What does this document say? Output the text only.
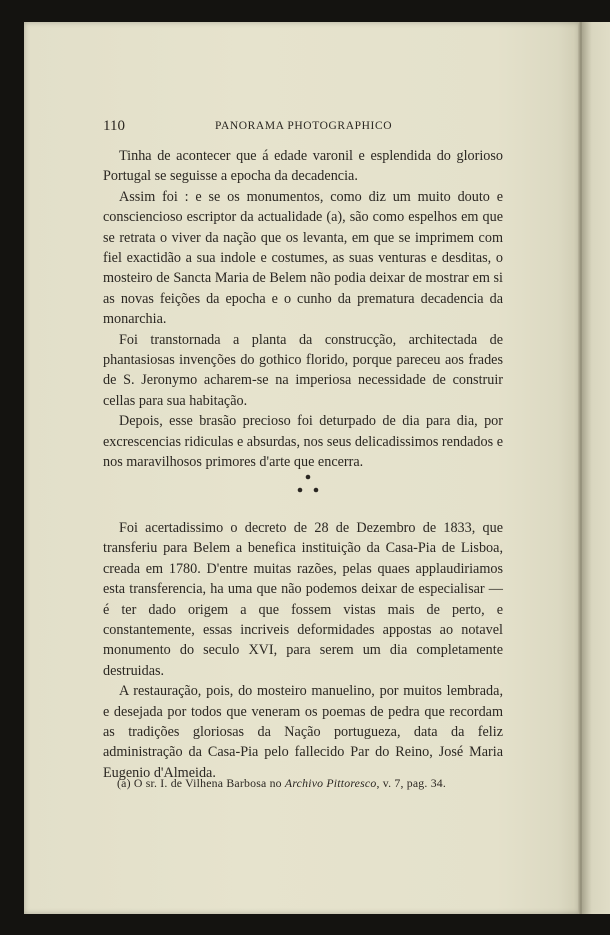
110	PANORAMA PHOTOGRAPHICO

Tinha de acontecer que á edade varonil e esplendida do glorioso Portugal se seguisse a epocha da decadencia.

Assim foi : e se os monumentos, como diz um muito douto e consciencioso escriptor da actualidade (a), são como espelhos em que se retrata o viver da nação que os levanta, em que se imprimem com fiel exactidão a sua indole e costumes, as suas venturas e desditas, o mosteiro de Sancta Maria de Belem não podia deixar de mostrar em si as novas feições da epocha e o cunho da prematura decadencia da monarchia.

Foi transtornada a planta da construcção, architectada de phantasiosas invenções do gothico florido, porque pareceu aos frades de S. Jeronymo acharem-se na imperiosa necessidade de construir cellas para sua habitação.

Depois, esse brasão precioso foi deturpado de dia para dia, por excrescencias ridiculas e absurdas, nos seus delicadissimos rendados e nos maravilhosos primores d'arte que encerra.

Foi acertadissimo o decreto de 28 de Dezembro de 1833, que transferiu para Belem a benefica instituição da Casa-Pia de Lisboa, creada em 1780. D'entre muitas razões, pelas quaes applaudiriamos esta transferencia, ha uma que não podemos deixar de especialisar — é ter dado origem a que fossem vistas mais de perto, e constantemente, essas incriveis deformidades appostas ao notavel monumento do seculo XVI, para serem um dia completamente destruidas.

A restauração, pois, do mosteiro manuelino, por muitos lembrada, e desejada por todos que veneram os poemas de pedra que recordam as tradições gloriosas da Nação portugueza, data da feliz administração da Casa-Pia pelo fallecido Par do Reino, José Maria Eugenio d'Almeida.

(a) O sr. I. de Vilhena Barbosa no Archivo Pittoresco, v. 7, pag. 34.
